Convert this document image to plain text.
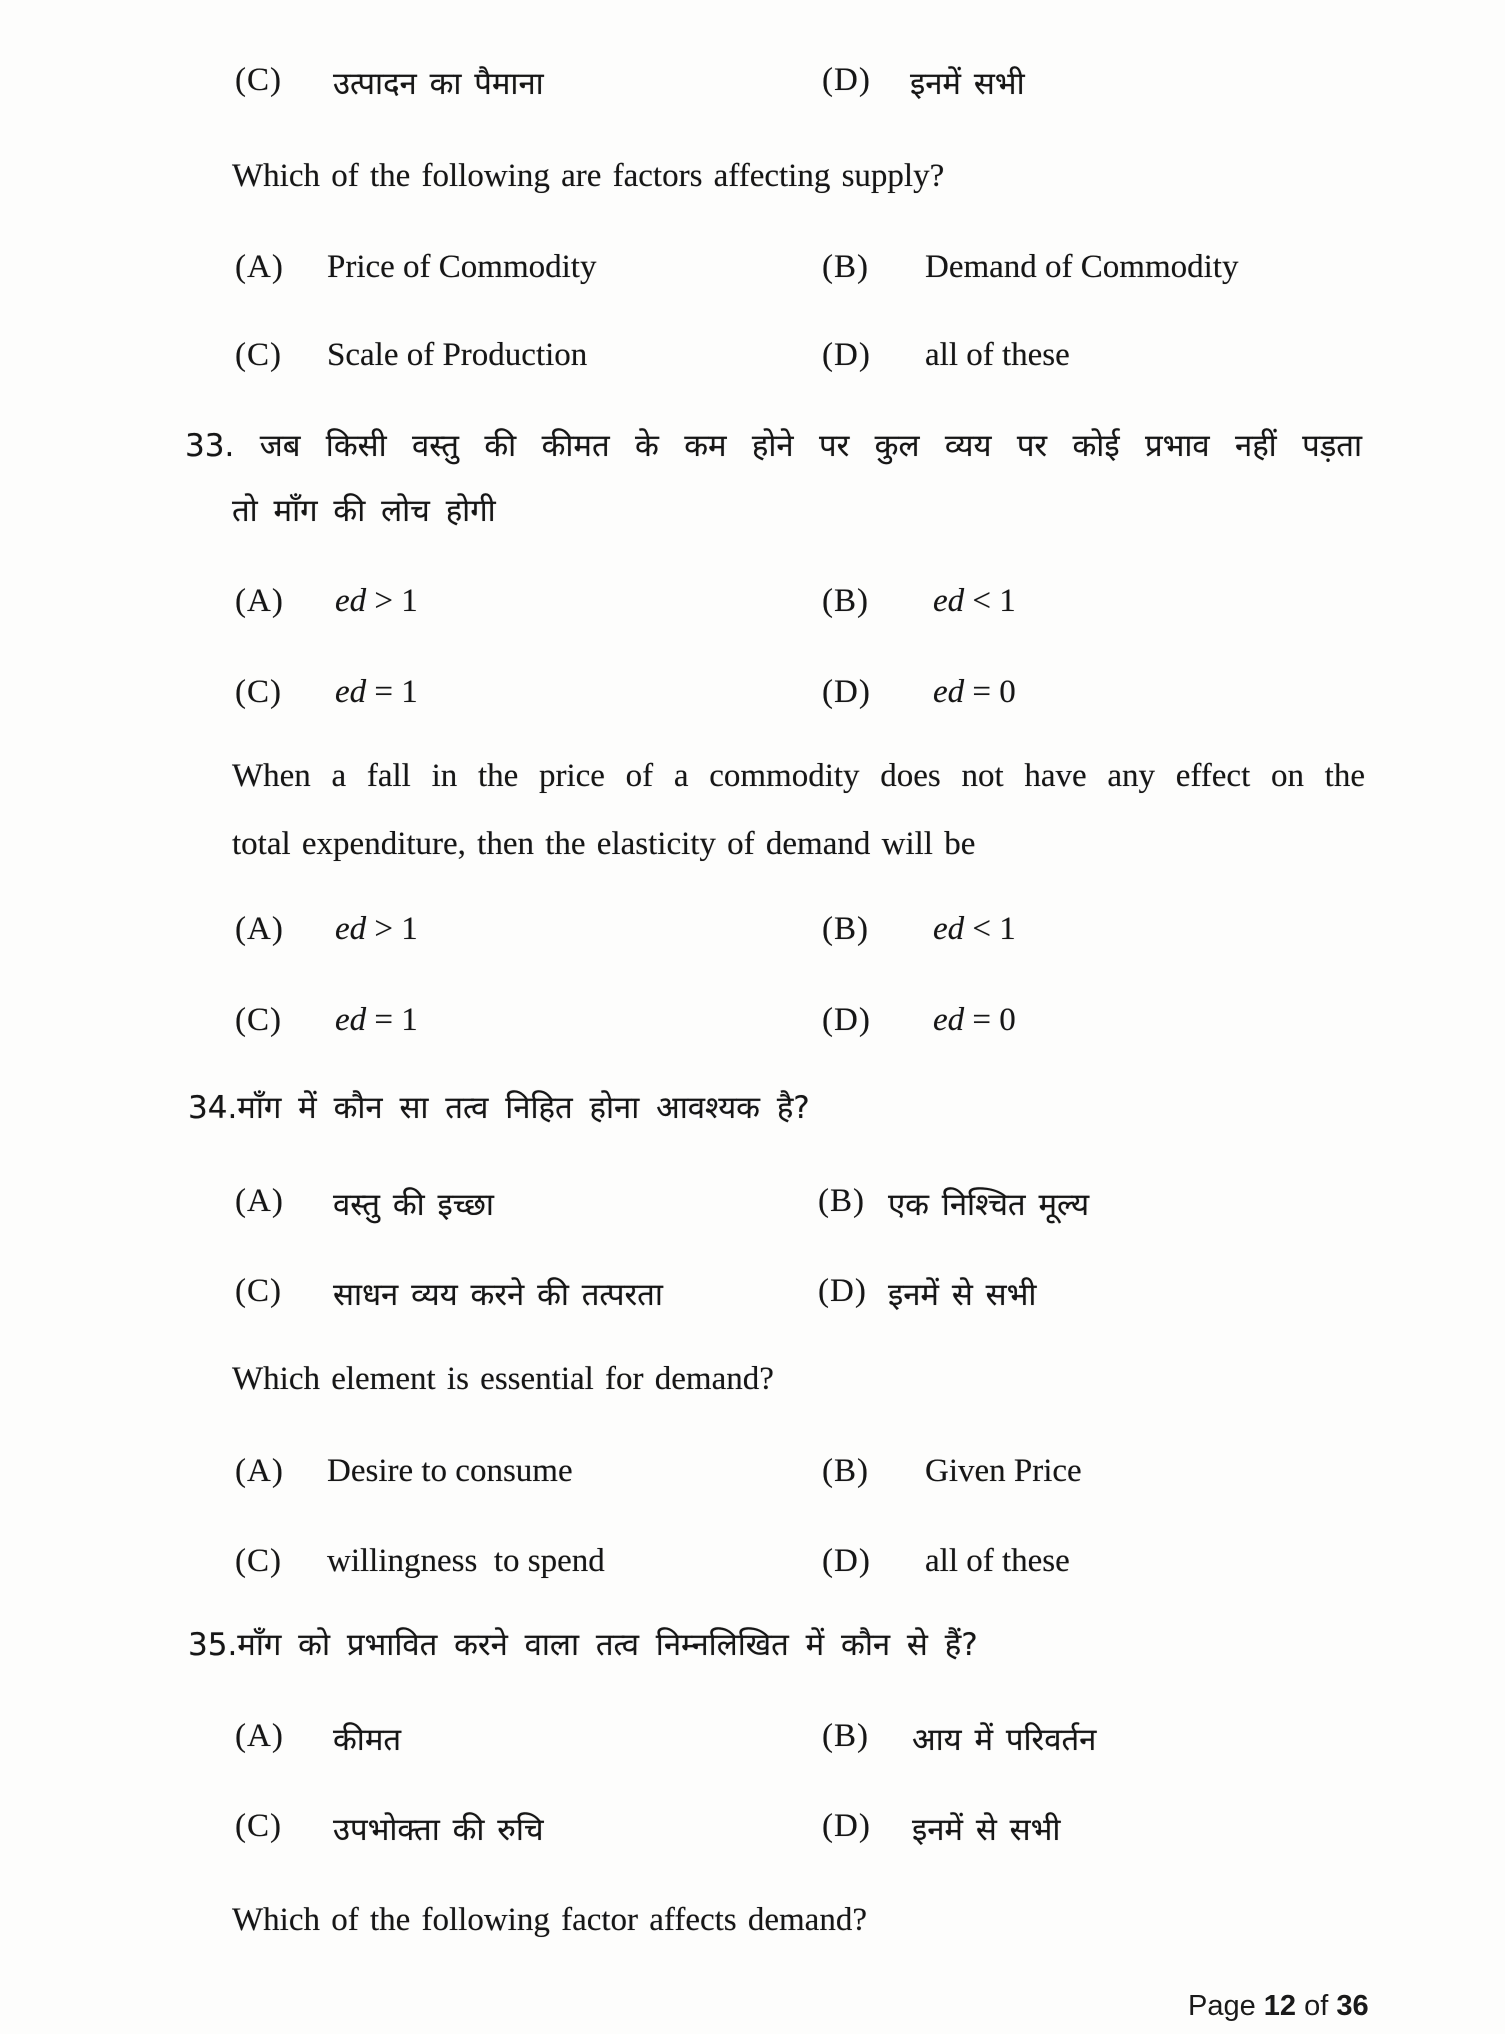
(C) उत्पादन का पैमाना	(D) इनमें सभी
Which of the following are factors affecting supply?
(A) Price of Commodity	(B) Demand of Commodity
(C) Scale of Production	(D) all of these
33. जब किसी वस्तु की कीमत के कम होने पर कुल व्यय पर कोई प्रभाव नहीं पड़ता
तो माँग की लोच होगी
(A) ed > 1	(B) ed < 1
(C) ed = 1	(D) ed = 0
When a fall in the price of a commodity does not have any effect on the
total expenditure, then the elasticity of demand will be
(A) ed > 1	(B) ed < 1
(C) ed = 1	(D) ed = 0
34.माँग में कौन सा तत्व निहित होना आवश्यक है?
(A) वस्तु की इच्छा	(B) एक निश्चित मूल्य
(C) साधन व्यय करने की तत्परता	(D) इनमें से सभी
Which element is essential for demand?
(A) Desire to consume	(B) Given Price
(C) willingness  to spend	(D) all of these
35.माँग को प्रभावित करने वाला तत्व निम्नलिखित में कौन से हैं?
(A) कीमत	(B) आय में परिवर्तन
(C) उपभोक्ता की रुचि	(D) इनमें से सभी
Which of the following factor affects demand?
Page 12 of 36
